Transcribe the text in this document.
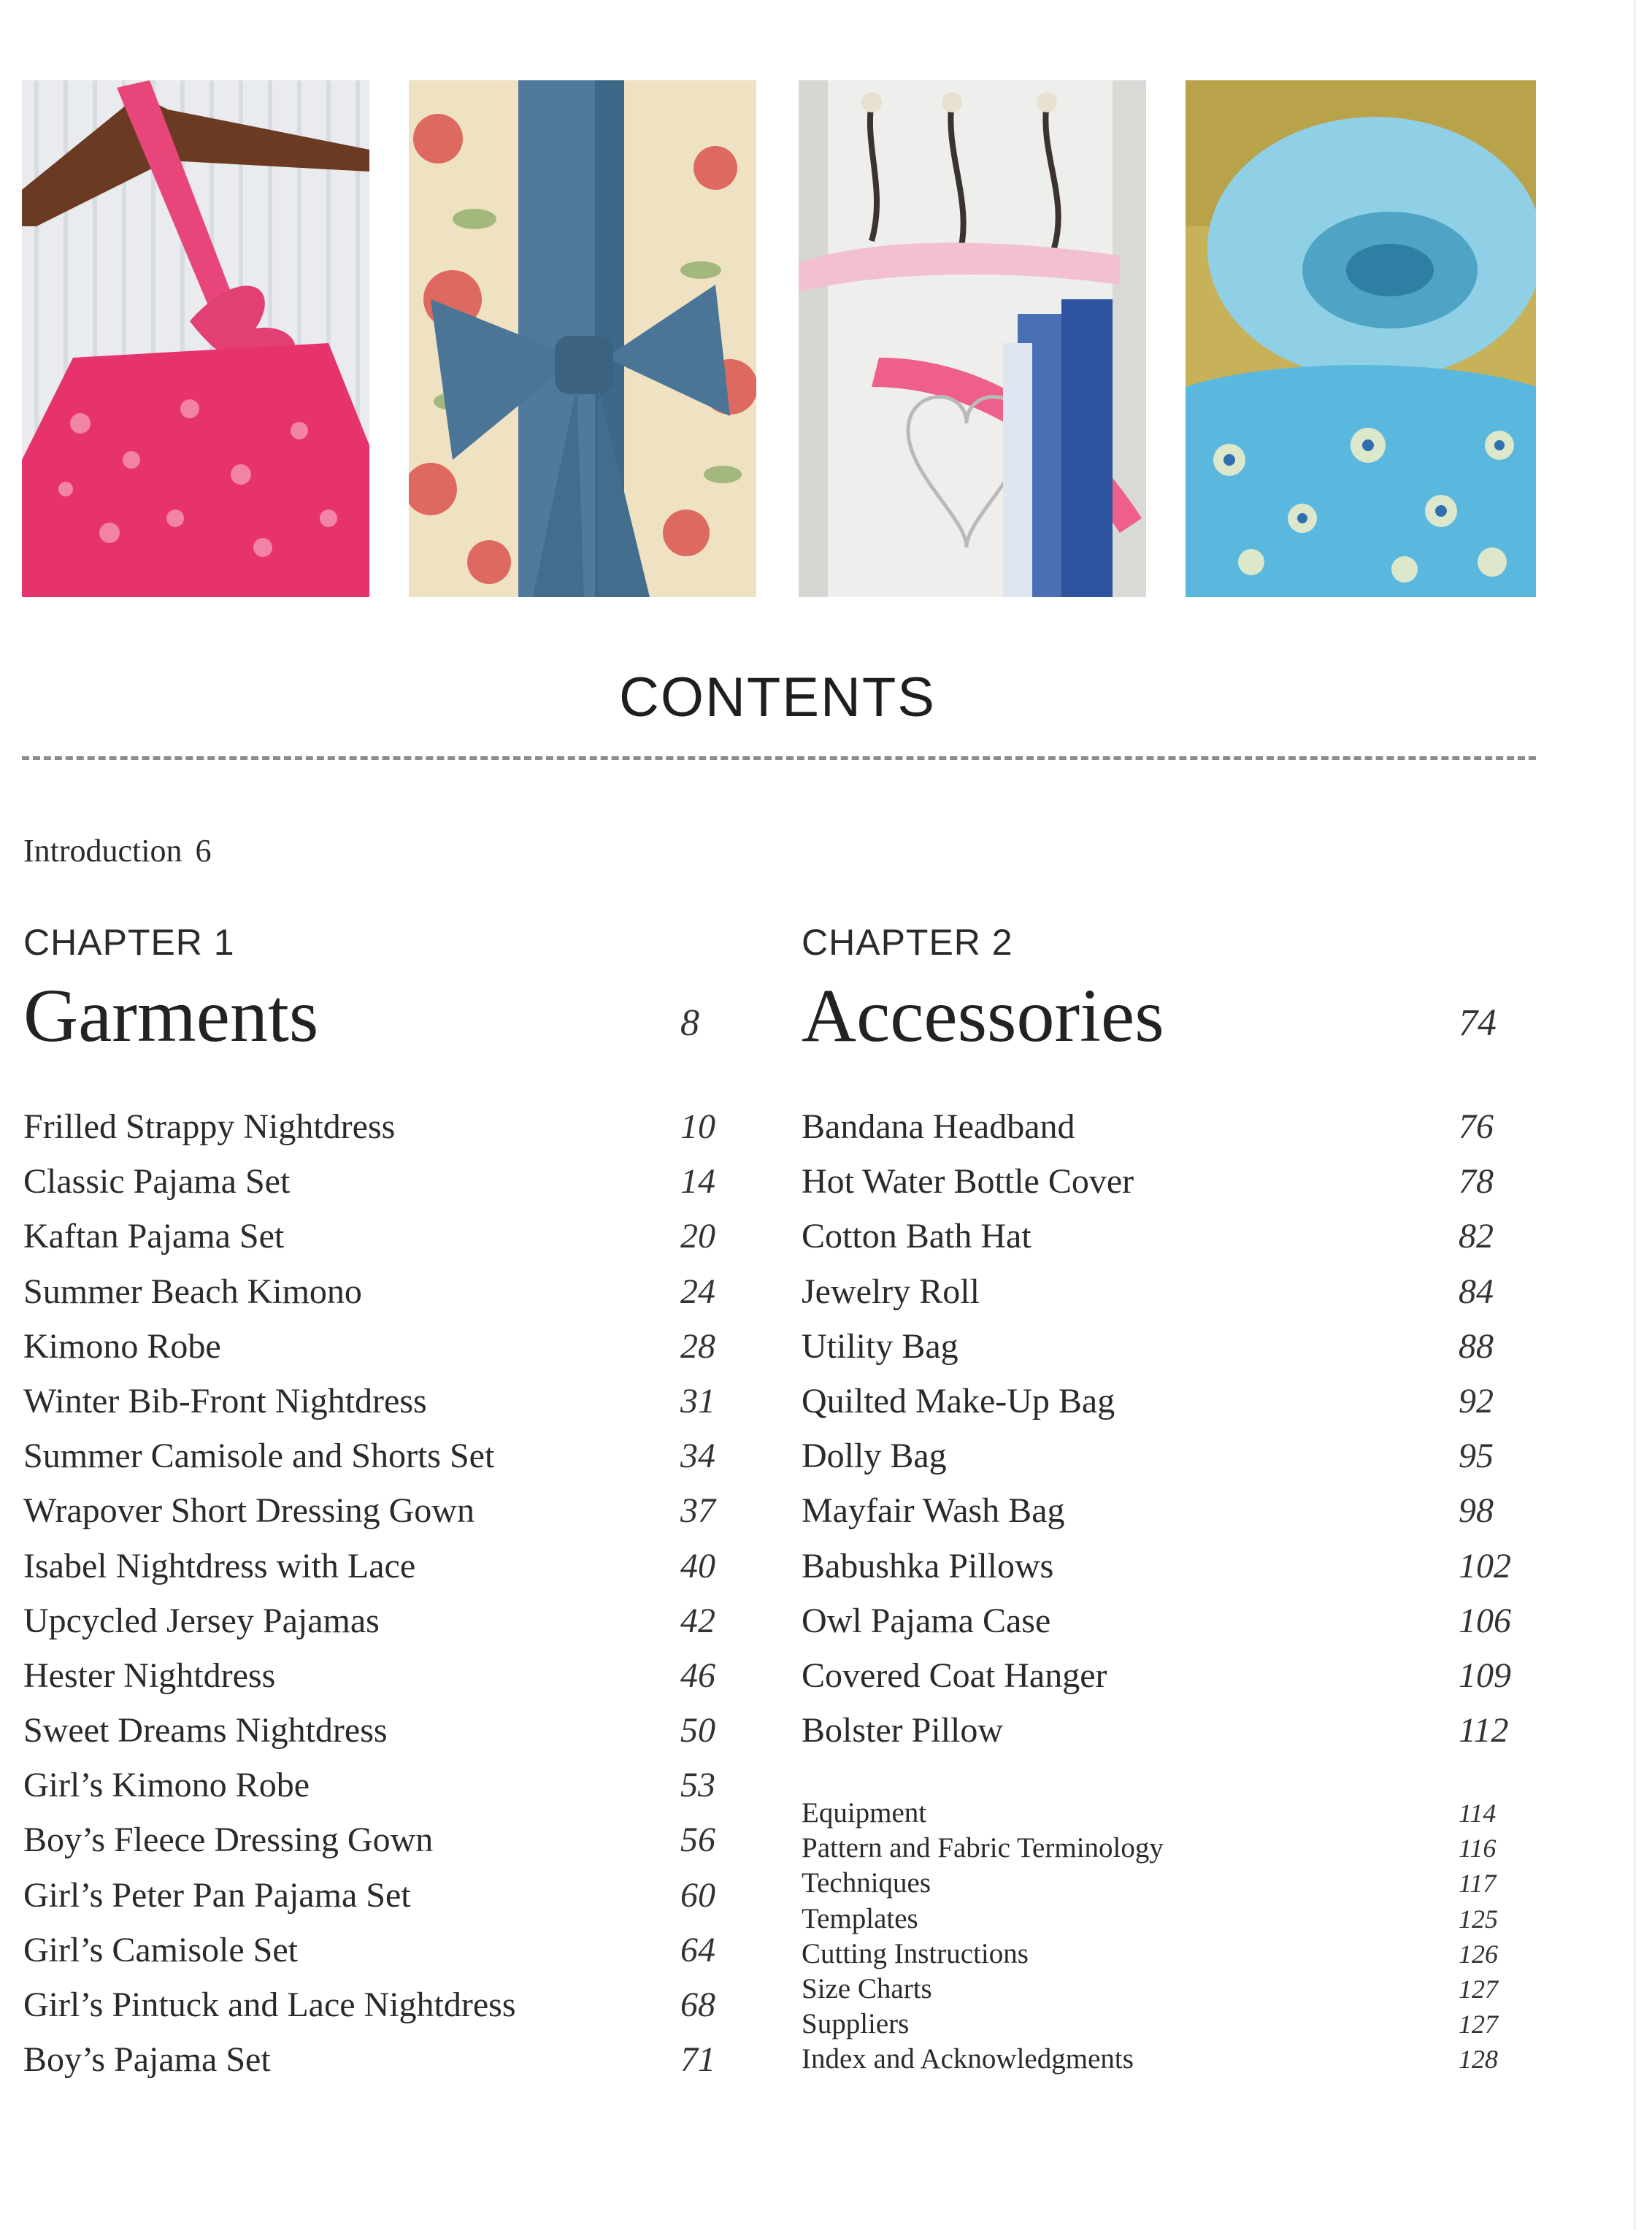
CONTENTS
Introduction 6
CHAPTER 1
Garments	8
Frilled Strappy Nightdress	10
Classic Pajama Set	14
Kaftan Pajama Set	20
Summer Beach Kimono	24
Kimono Robe	28
Winter Bib-Front Nightdress	31
Summer Camisole and Shorts Set	34
Wrapover Short Dressing Gown	37
Isabel Nightdress with Lace	40
Upcycled Jersey Pajamas	42
Hester Nightdress	46
Sweet Dreams Nightdress	50
Girl’s Kimono Robe	53
Boy’s Fleece Dressing Gown	56
Girl’s Peter Pan Pajama Set	60
Girl’s Camisole Set	64
Girl’s Pintuck and Lace Nightdress	68
Boy’s Pajama Set	71
CHAPTER 2
Accessories	74
Bandana Headband	76
Hot Water Bottle Cover	78
Cotton Bath Hat	82
Jewelry Roll	84
Utility Bag	88
Quilted Make-Up Bag	92
Dolly Bag	95
Mayfair Wash Bag	98
Babushka Pillows	102
Owl Pajama Case	106
Covered Coat Hanger	109
Bolster Pillow	112
Equipment	114
Pattern and Fabric Terminology	116
Techniques	117
Templates	125
Cutting Instructions	126
Size Charts	127
Suppliers	127
Index and Acknowledgments	128
